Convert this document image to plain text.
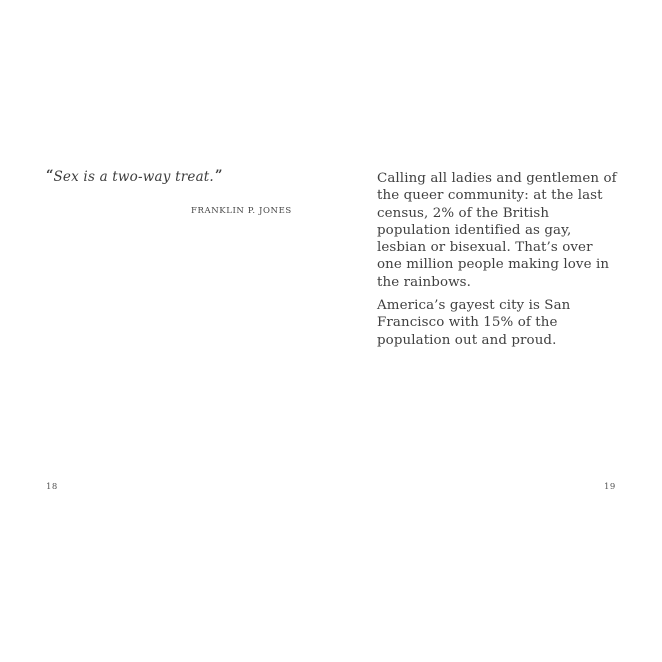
“Sex is a two-way treat.”

FRANKLIN P. JONES

18

Calling all ladies and gentlemen of the queer community: at the last census, 2% of the British population identified as gay, lesbian or bisexual. That’s over one million people making love in the rainbows.

America’s gayest city is San Francisco with 15% of the population out and proud.

19
